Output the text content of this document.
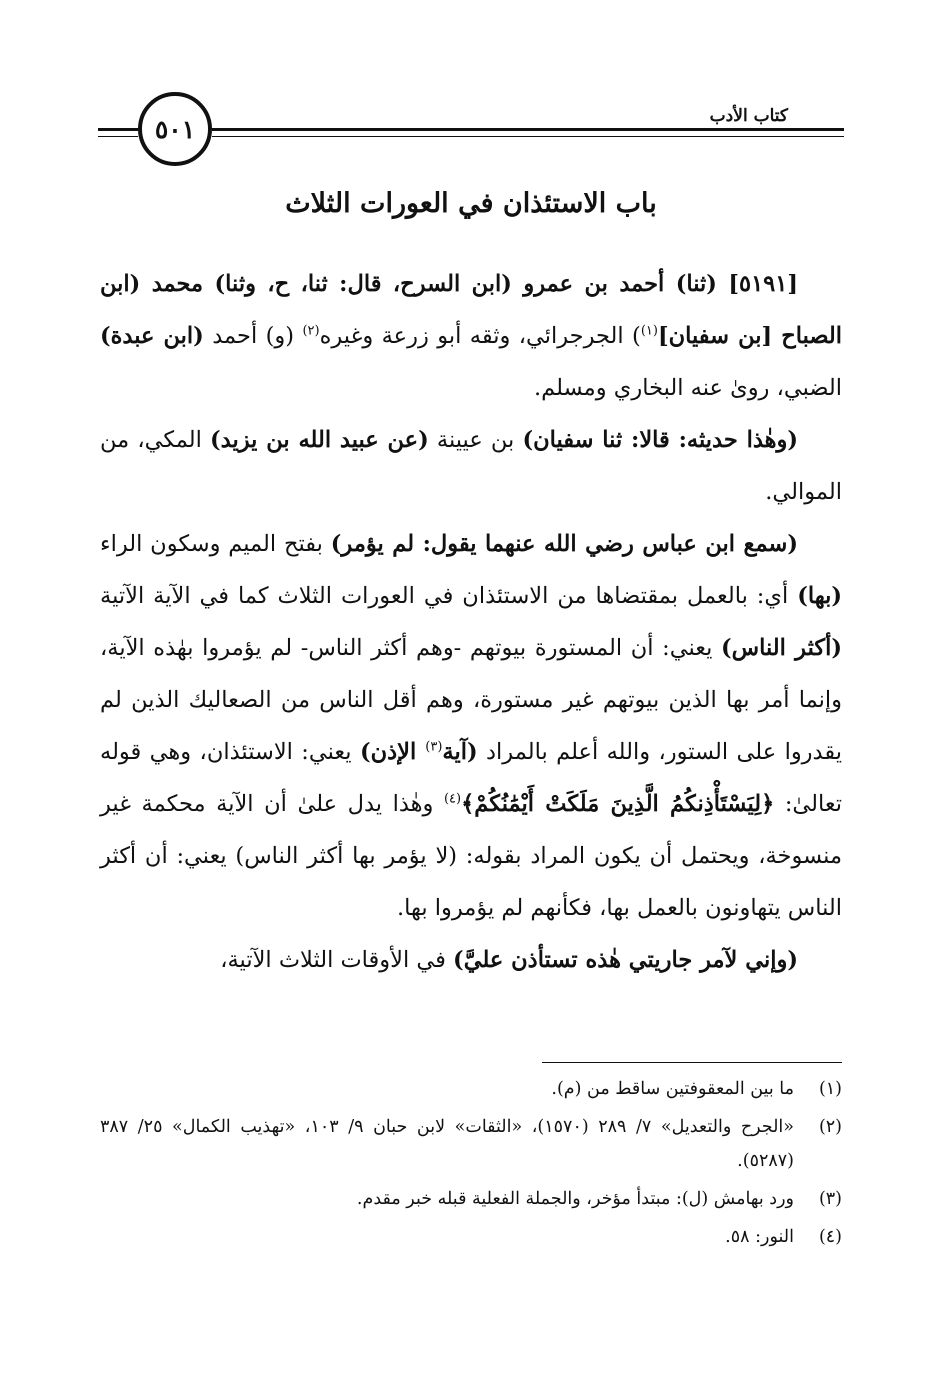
٥٠١	كتاب الأدب
باب الاستئذان في العورات الثلاث

[٥١٩١] (ثنا) أحمد بن عمرو (ابن السرح، قال: ثنا، ح، وثنا) محمد (ابن الصباح [بن سفيان]$^{(١)}$) الجرجرائي، وثقه أبو زرعة وغيره$^{(٢)}$ (و) أحمد (ابن عبدة) الضبي، روىٰ عنه البخاري ومسلم.

(وهٰذا حديثه: قالا: ثنا سفيان) بن عيينة (عن عبيد الله بن يزيد) المكي، من الموالي.

(سمع ابن عباس رضي الله عنهما يقول: لم يؤمر) بفتح الميم وسكون الراء (بها) أي: بالعمل بمقتضاها من الاستئذان في العورات الثلاث كما في الآية الآتية (أكثر الناس) يعني: أن المستورة بيوتهم -وهم أكثر الناس- لم يؤمروا بهٰذه الآية، وإنما أمر بها الذين بيوتهم غير مستورة، وهم أقل الناس من الصعاليك الذين لم يقدروا على الستور، والله أعلم بالمراد (آية$^{(٣)}$ الإذن) يعني: الاستئذان، وهي قوله تعالىٰ: ﴿لِيَسْتَأْذِنكُمُ الَّذِينَ مَلَكَتْ أَيْمَٰنُكُمْ﴾$^{(٤)}$ وهٰذا يدل علىٰ أن الآية محكمة غير منسوخة، ويحتمل أن يكون المراد بقوله: (لا يؤمر بها أكثر الناس) يعني: أن أكثر الناس يتهاونون بالعمل بها، فكأنهم لم يؤمروا بها.

(وإني لآمر جاريتي هٰذه تستأذن عليَّ) في الأوقات الثلاث الآتية،

(١)ما بين المعقوفتين ساقط من (م).

(٢)«الجرح والتعديل» ٧/ ٢٨٩ (١٥٧٠)، «الثقات» لابن حبان ٩/ ١٠٣، «تهذيب الكمال» ٢٥/ ٣٨٧ (٥٢٨٧).

(٣)ورد بهامش (ل): مبتدأ مؤخر، والجملة الفعلية قبله خبر مقدم.

(٤)النور: ٥٨.
